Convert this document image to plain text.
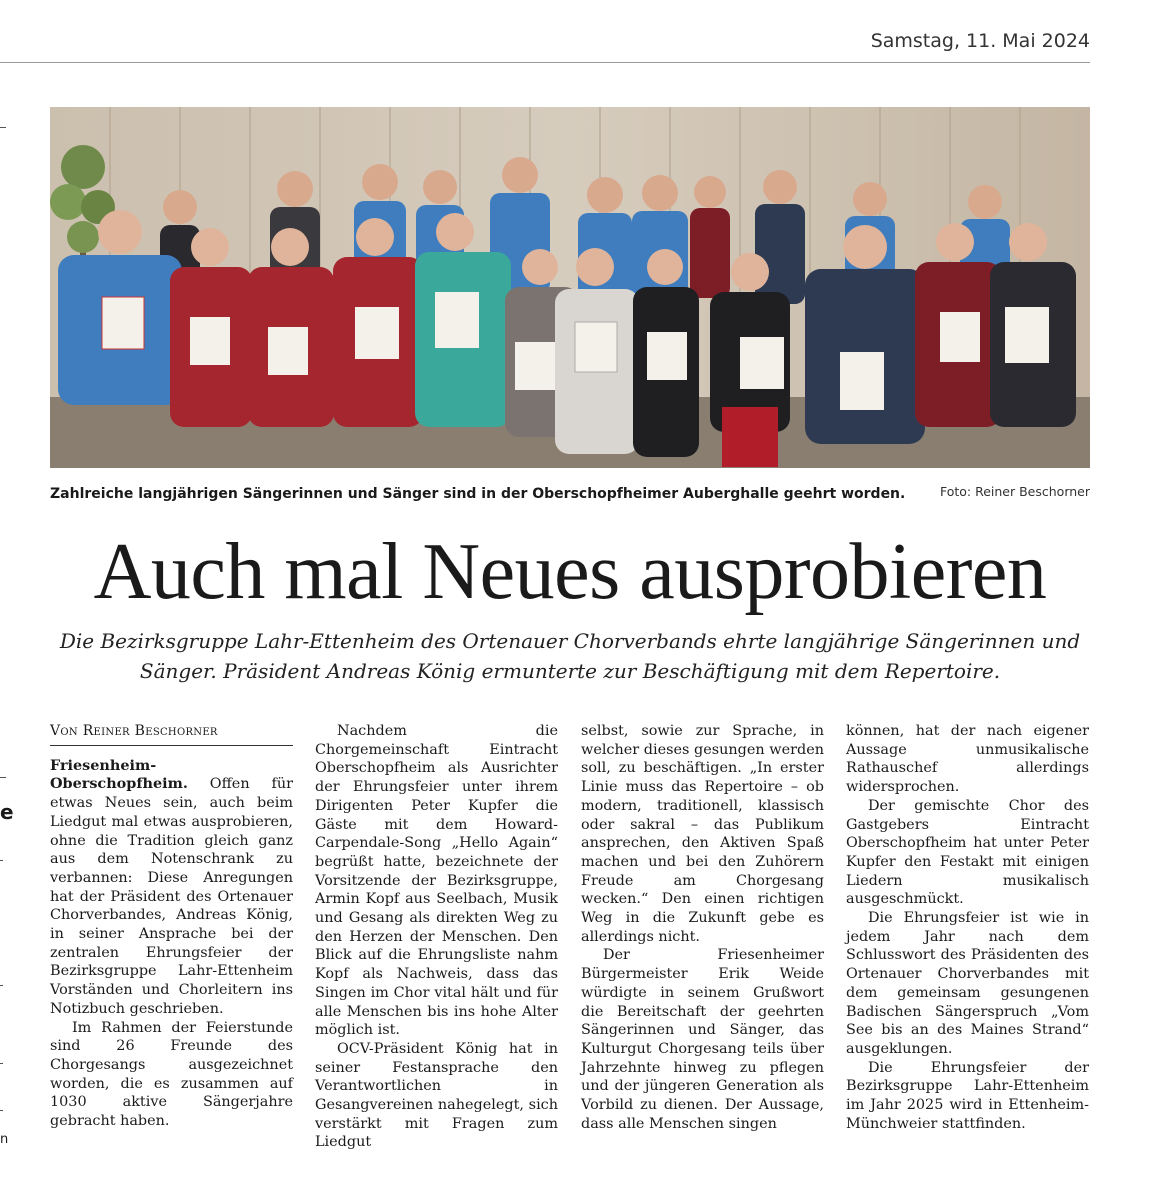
Samstag, 11. Mai 2024
e
n
Zahlreiche langjährigen Sängerinnen und Sänger sind in der Oberschopfheimer Auberghalle geehrt worden.	Foto: Reiner Beschorner
Auch mal Neues ausprobieren
Die Bezirksgruppe Lahr-Ettenheim des Ortenauer Chorverbands ehrte langjährige Sängerinnen und Sänger. Präsident Andreas König ermunterte zur Beschäftigung mit dem Repertoire.
Von Reiner Beschorner

Friesenheim-Oberschopfheim. Offen für etwas Neues sein, auch beim Liedgut mal etwas ausprobieren, ohne die Tradition gleich ganz aus dem Notenschrank zu verbannen: Diese Anregungen hat der Präsident des Ortenauer Chorverbandes, Andreas König, in seiner Ansprache bei der zentralen Ehrungsfeier der Bezirksgruppe Lahr-Ettenheim Vorständen und Chorleitern ins Notizbuch geschrieben.

Im Rahmen der Feierstunde sind 26 Freunde des Chorgesangs ausgezeichnet worden, die es zusammen auf 1030 aktive Sängerjahre gebracht haben.

Nachdem die Chorgemeinschaft Eintracht Oberschopfheim als Ausrichter der Ehrungsfeier unter ihrem Dirigenten Peter Kupfer die Gäste mit dem Howard-Carpendale-Song „Hello Again“ begrüßt hatte, bezeichnete der Vorsitzende der Bezirksgruppe, Armin Kopf aus Seelbach, Musik und Gesang als direkten Weg zu den Herzen der Menschen. Den Blick auf die Ehrungsliste nahm Kopf als Nachweis, dass das Singen im Chor vital hält und für alle Menschen bis ins hohe Alter möglich ist.

OCV-Präsident König hat in seiner Festansprache den Verantwortlichen in Gesangvereinen nahegelegt, sich verstärkt mit Fragen zum Liedgut

selbst, sowie zur Sprache, in welcher dieses gesungen werden soll, zu beschäftigen. „In erster Linie muss das Repertoire – ob modern, traditionell, klassisch oder sakral – das Publikum ansprechen, den Aktiven Spaß machen und bei den Zuhörern Freude am Chorgesang wecken.“ Den einen richtigen Weg in die Zukunft gebe es allerdings nicht.

Der Friesenheimer Bürgermeister Erik Weide würdigte in seinem Grußwort die Bereitschaft der geehrten Sängerinnen und Sänger, das Kulturgut Chorgesang teils über Jahrzehnte hinweg zu pflegen und der jüngeren Generation als Vorbild zu dienen. Der Aussage, dass alle Menschen singen

können, hat der nach eigener Aussage unmusikalische Rathauschef allerdings widersprochen.

Der gemischte Chor des Gastgebers Eintracht Oberschopfheim hat unter Peter Kupfer den Festakt mit einigen Liedern musikalisch ausgeschmückt.

Die Ehrungsfeier ist wie in jedem Jahr nach dem Schlusswort des Präsidenten des Ortenauer Chorverbandes mit dem gemeinsam gesungenen Badischen Sängerspruch „Vom See bis an des Maines Strand“ ausgeklungen.

Die Ehrungsfeier der Bezirksgruppe Lahr-Ettenheim im Jahr 2025 wird in Ettenheim-Münchweier stattfinden.
